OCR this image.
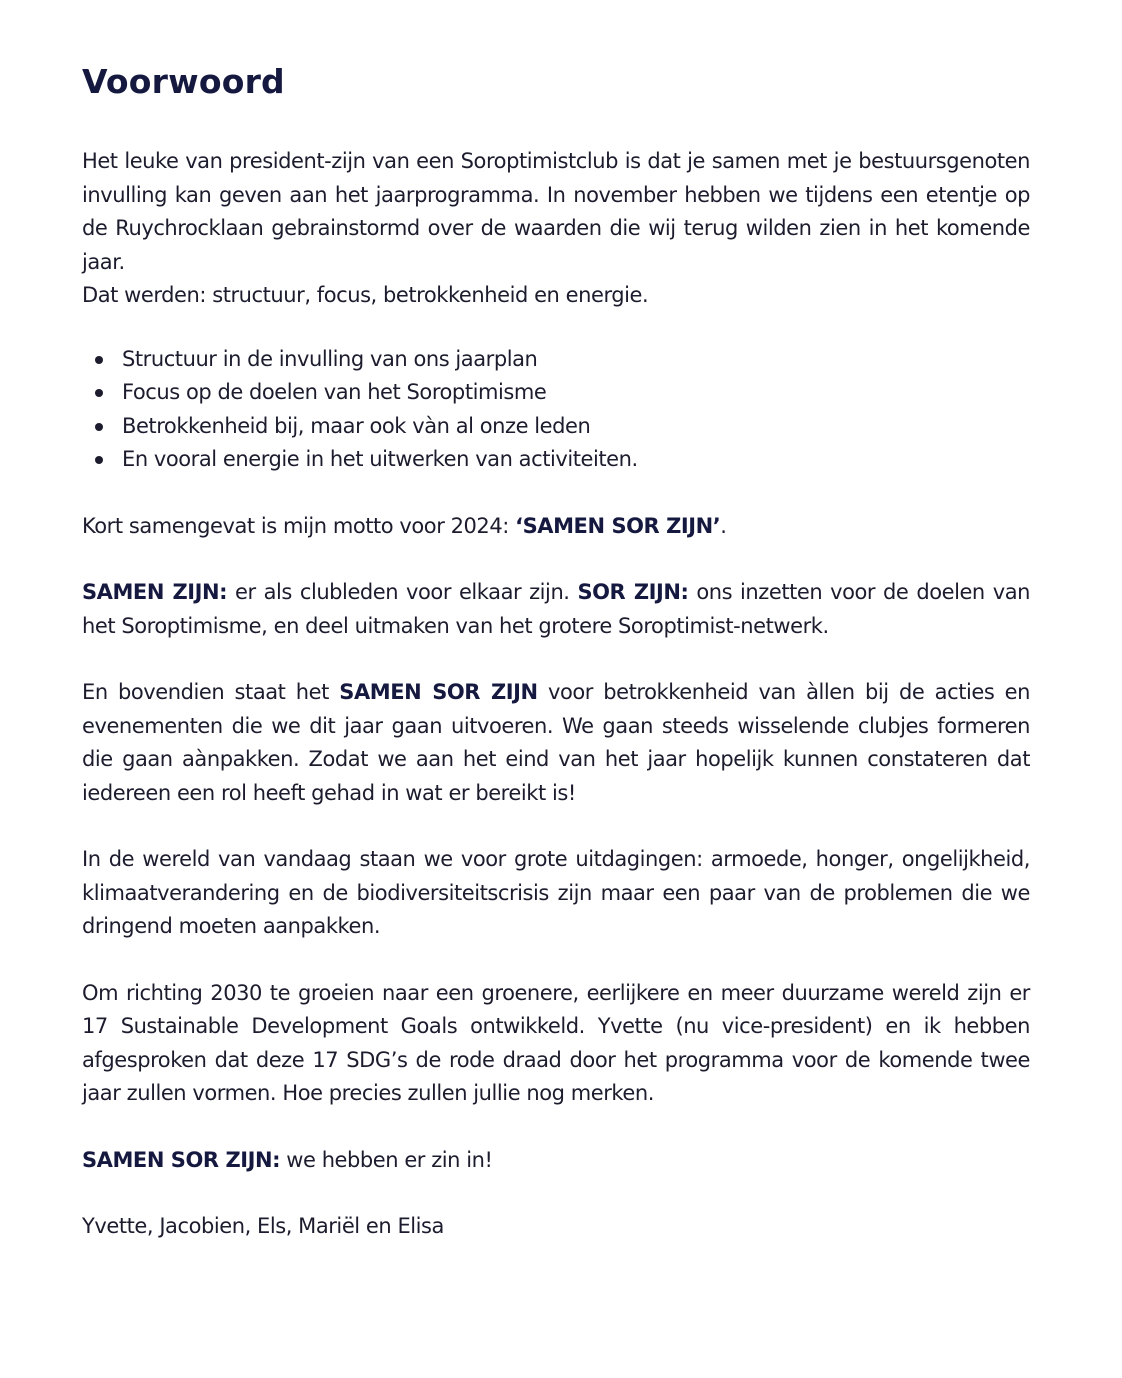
Voorwoord

Het leuke van president-zijn van een Soroptimistclub is dat je samen met je bestuursgenoten invulling kan geven aan het jaarprogramma. In november hebben we tijdens een etentje op de Ruychrocklaan gebrainstormd over de waarden die wij terug wilden zien in het komende jaar.

Dat werden: structuur, focus, betrokkenheid en energie.

Structuur in de invulling van ons jaarplan
Focus op de doelen van het Soroptimisme
Betrokkenheid bij, maar ook vàn al onze leden
En vooral energie in het uitwerken van activiteiten.

Kort samengevat is mijn motto voor 2024: ‘SAMEN SOR ZIJN’.

SAMEN ZIJN: er als clubleden voor elkaar zijn. SOR ZIJN: ons inzetten voor de doelen van het Soroptimisme, en deel uitmaken van het grotere Soroptimist-netwerk.

En bovendien staat het SAMEN SOR ZIJN voor betrokkenheid van àllen bij de acties en evenementen die we dit jaar gaan uitvoeren. We gaan steeds wisselende clubjes formeren die gaan aànpakken. Zodat we aan het eind van het jaar hopelijk kunnen constateren dat iedereen een rol heeft gehad in wat er bereikt is!

In de wereld van vandaag staan we voor grote uitdagingen: armoede, honger, ongelijkheid, klimaatverandering en de biodiversiteitscrisis zijn maar een paar van de problemen die we dringend moeten aanpakken.

Om richting 2030 te groeien naar een groenere, eerlijkere en meer duurzame wereld zijn er 17 Sustainable Development Goals ontwikkeld. Yvette (nu vice-president) en ik hebben afgesproken dat deze 17 SDG’s de rode draad door het programma voor de komende twee jaar zullen vormen. Hoe precies zullen jullie nog merken.

SAMEN SOR ZIJN: we hebben er zin in!

Yvette, Jacobien, Els, Mariël en Elisa
